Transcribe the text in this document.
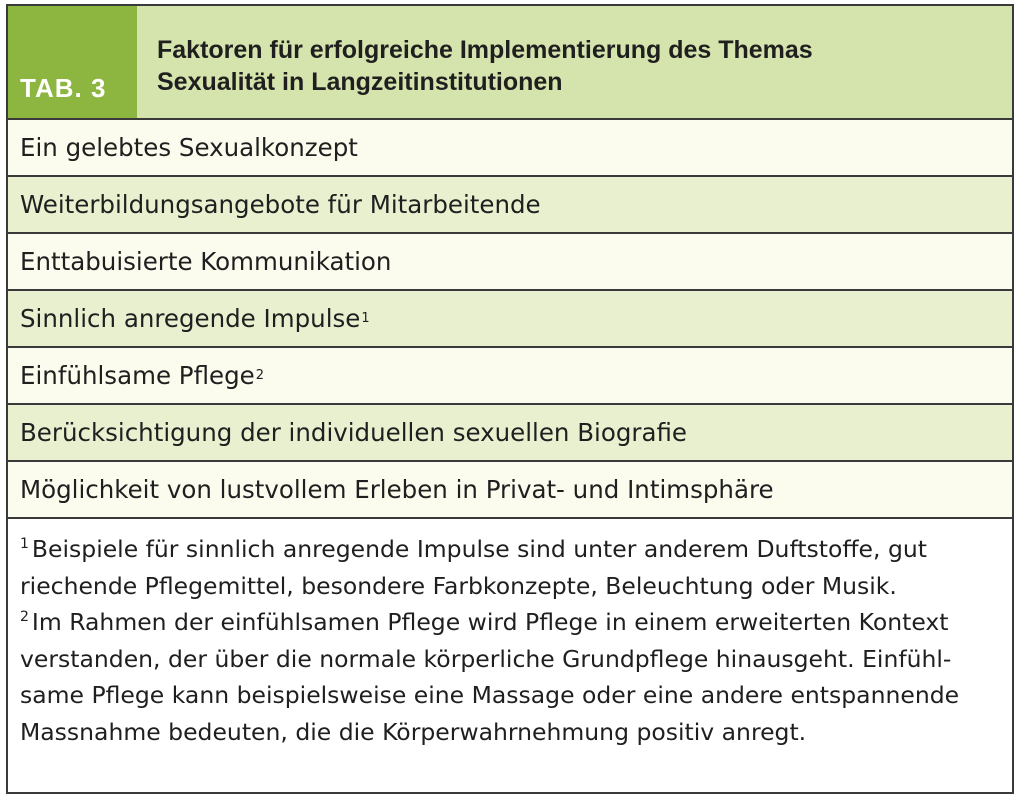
TAB. 3
Faktoren für erfolgreiche Implementierung des Themas
Sexualität in Langzeitinstitutionen
Ein gelebtes Sexualkonzept
Weiterbildungsangebote für Mitarbeitende
Enttabuisierte Kommunikation
Sinnlich anregende Impulse 1
Einfühlsame Pflege 2
Berücksichtigung der individuellen sexuellen Biografie
Möglichkeit von lustvollem Erleben in Privat- und Intimsphäre
$^1$ Beispiele für sinnlich anregende Impulse sind unter anderem Duftstoffe, gut
riechende Pflegemittel, besondere Farbkonzepte, Beleuchtung oder Musik.
$^2$ Im Rahmen der einfühlsamen Pflege wird Pflege in einem erweiterten Kontext
verstanden, der über die normale körperliche Grundpflege hinausgeht. Einfühl-
same Pflege kann beispielsweise eine Massage oder eine andere entspannende
Massnahme bedeuten, die die Körperwahrnehmung positiv anregt.
